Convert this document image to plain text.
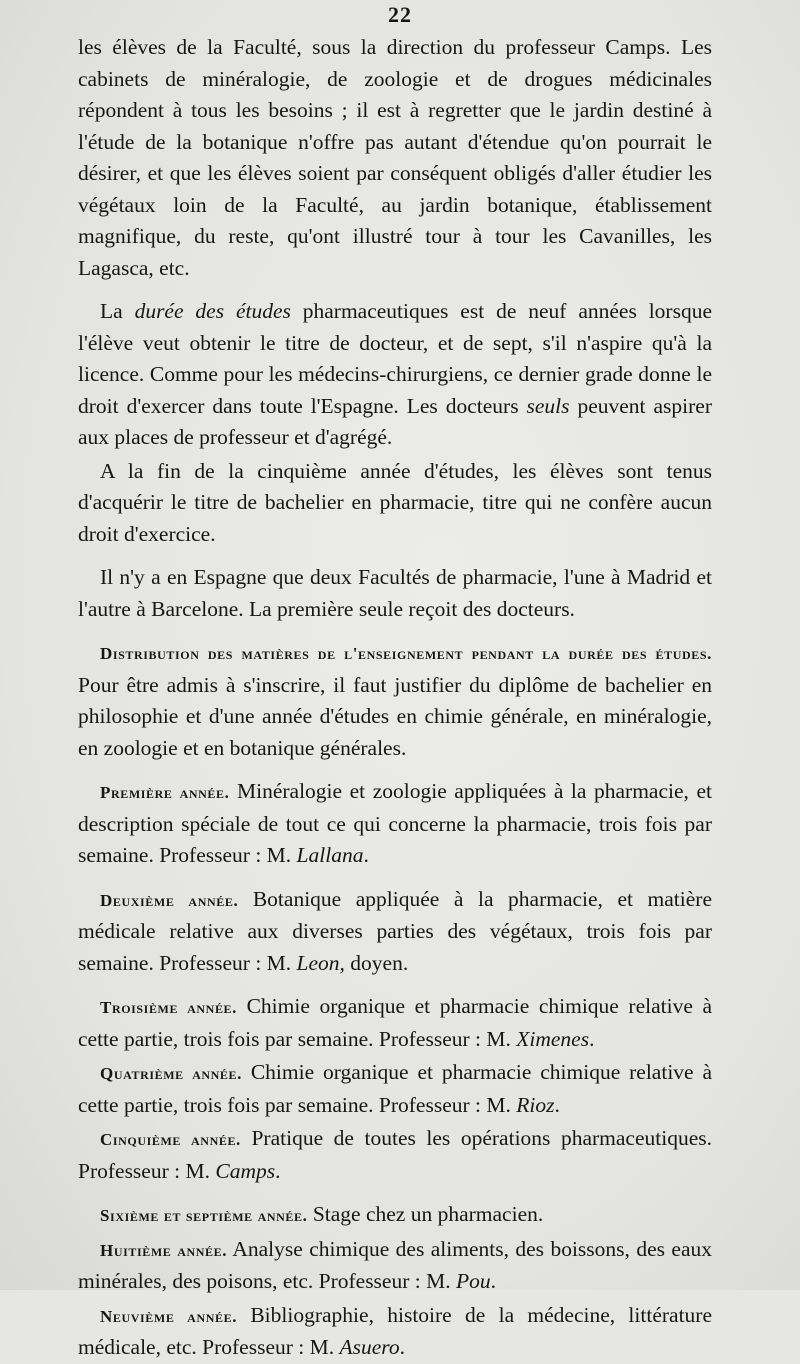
22

les élèves de la Faculté, sous la direction du professeur Camps. Les cabinets de minéralogie, de zoologie et de drogues médicinales répondent à tous les besoins ; il est à regretter que le jardin destiné à l'étude de la botanique n'offre pas autant d'étendue qu'on pourrait le désirer, et que les élèves soient par conséquent obligés d'aller étudier les végétaux loin de la Faculté, au jardin botanique, établissement magnifique, du reste, qu'ont illustré tour à tour les Cavanilles, les Lagasca, etc.

La durée des études pharmaceutiques est de neuf années lorsque l'élève veut obtenir le titre de docteur, et de sept, s'il n'aspire qu'à la licence. Comme pour les médecins-chirurgiens, ce dernier grade donne le droit d'exercer dans toute l'Espagne. Les docteurs seuls peuvent aspirer aux places de professeur et d'agrégé.

A la fin de la cinquième année d'études, les élèves sont tenus d'acquérir le titre de bachelier en pharmacie, titre qui ne confère aucun droit d'exercice.

Il n'y a en Espagne que deux Facultés de pharmacie, l'une à Madrid et l'autre à Barcelone. La première seule reçoit des docteurs.

Distribution des matières de l'enseignement pendant la durée des études. Pour être admis à s'inscrire, il faut justifier du diplôme de bachelier en philosophie et d'une année d'études en chimie générale, en minéralogie, en zoologie et en botanique générales.

Première année. Minéralogie et zoologie appliquées à la pharmacie, et description spéciale de tout ce qui concerne la pharmacie, trois fois par semaine. Professeur : M. Lallana.

Deuxième année. Botanique appliquée à la pharmacie, et matière médicale relative aux diverses parties des végétaux, trois fois par semaine. Professeur : M. Leon, doyen.

Troisième année. Chimie organique et pharmacie chimique relative à cette partie, trois fois par semaine. Professeur : M. Ximenes.

Quatrième année. Chimie organique et pharmacie chimique relative à cette partie, trois fois par semaine. Professeur : M. Rioz.

Cinquième année. Pratique de toutes les opérations pharmaceutiques. Professeur : M. Camps.

Sixième et septième année. Stage chez un pharmacien.

Huitième année. Analyse chimique des aliments, des boissons, des eaux minérales, des poisons, etc. Professeur : M. Pou.

Neuvième année. Bibliographie, histoire de la médecine, littérature médicale, etc. Professeur : M. Asuero.
